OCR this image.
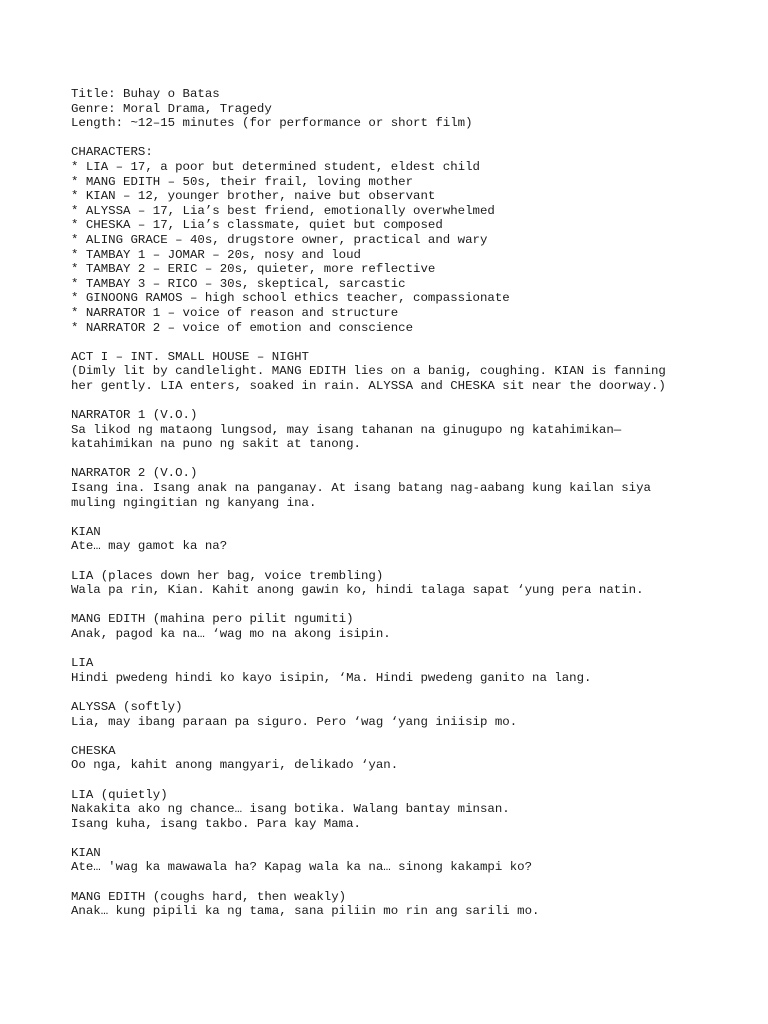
Title: Buhay o Batas
Genre: Moral Drama, Tragedy
Length: ~12–15 minutes (for performance or short film)
CHARACTERS:
* LIA – 17, a poor but determined student, eldest child
* MANG EDITH – 50s, their frail, loving mother
* KIAN – 12, younger brother, naive but observant
* ALYSSA – 17, Lia’s best friend, emotionally overwhelmed
* CHESKA – 17, Lia’s classmate, quiet but composed
* ALING GRACE – 40s, drugstore owner, practical and wary
* TAMBAY 1 – JOMAR – 20s, nosy and loud
* TAMBAY 2 – ERIC – 20s, quieter, more reflective
* TAMBAY 3 – RICO – 30s, skeptical, sarcastic
* GINOONG RAMOS – high school ethics teacher, compassionate
* NARRATOR 1 – voice of reason and structure
* NARRATOR 2 – voice of emotion and conscience
ACT I – INT. SMALL HOUSE – NIGHT
(Dimly lit by candlelight. MANG EDITH lies on a banig, coughing. KIAN is fanning
her gently. LIA enters, soaked in rain. ALYSSA and CHESKA sit near the doorway.)
NARRATOR 1 (V.O.)
Sa likod ng mataong lungsod, may isang tahanan na ginugupo ng katahimikan—
katahimikan na puno ng sakit at tanong.
NARRATOR 2 (V.O.)
Isang ina. Isang anak na panganay. At isang batang nag-aabang kung kailan siya
muling ngingitian ng kanyang ina.
KIAN
Ate… may gamot ka na?
LIA (places down her bag, voice trembling)
Wala pa rin, Kian. Kahit anong gawin ko, hindi talaga sapat ‘yung pera natin.
MANG EDITH (mahina pero pilit ngumiti)
Anak, pagod ka na… ‘wag mo na akong isipin.
LIA
Hindi pwedeng hindi ko kayo isipin, ‘Ma. Hindi pwedeng ganito na lang.
ALYSSA (softly)
Lia, may ibang paraan pa siguro. Pero ‘wag ‘yang iniisip mo.
CHESKA
Oo nga, kahit anong mangyari, delikado ‘yan.
LIA (quietly)
Nakakita ako ng chance… isang botika. Walang bantay minsan.
Isang kuha, isang takbo. Para kay Mama.
KIAN
Ate… 'wag ka mawawala ha? Kapag wala ka na… sinong kakampi ko?
MANG EDITH (coughs hard, then weakly)
Anak… kung pipili ka ng tama, sana piliin mo rin ang sarili mo.
